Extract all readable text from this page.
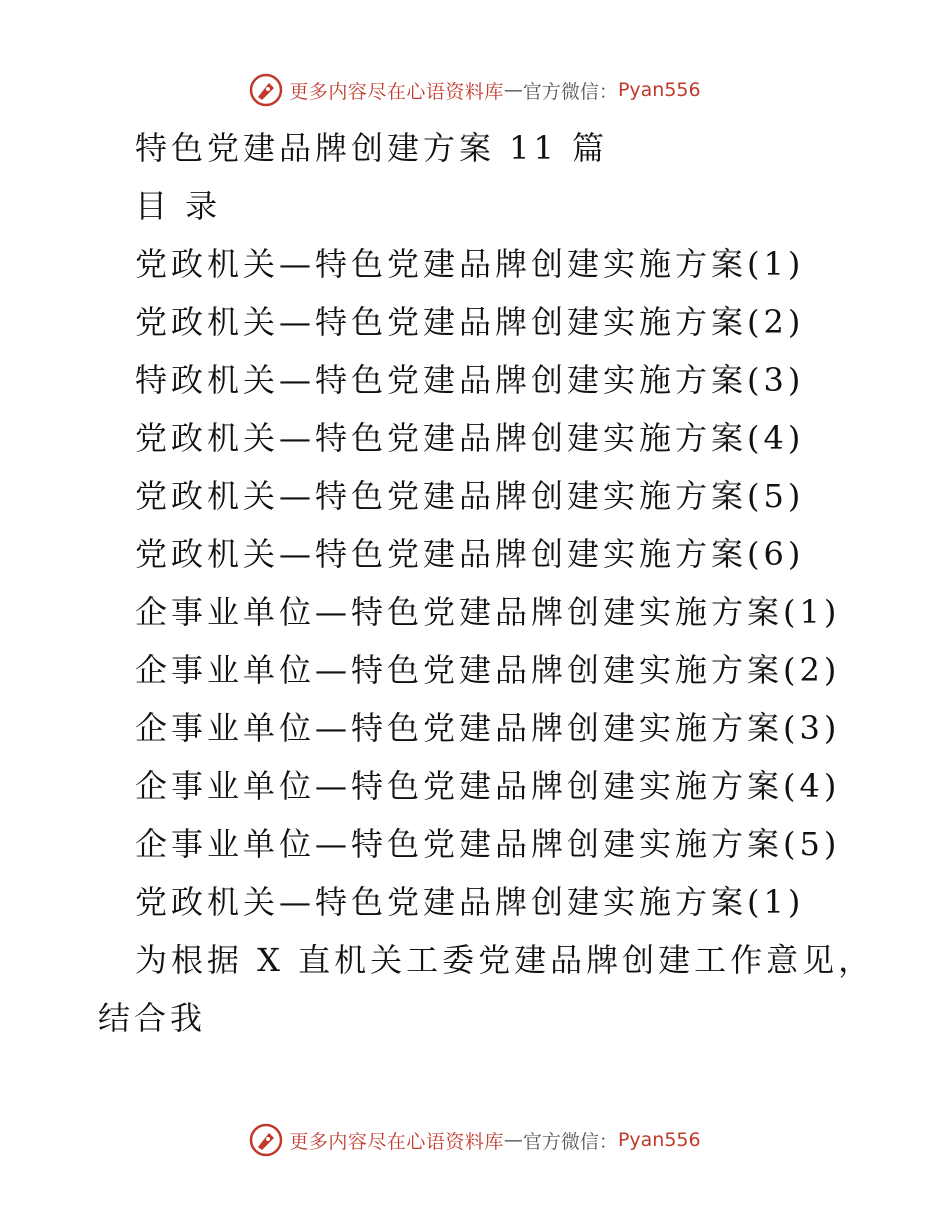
更多内容尽在心语资料库 — 官方微信： Pyan556
特色党建品牌创建方案 11 篇
目 录
党政机关—特色党建品牌创建实施方案(1)
党政机关—特色党建品牌创建实施方案(2)
特政机关—特色党建品牌创建实施方案(3)
党政机关—特色党建品牌创建实施方案(4)
党政机关—特色党建品牌创建实施方案(5)
党政机关—特色党建品牌创建实施方案(6)
企事业单位—特色党建品牌创建实施方案(1)
企事业单位—特色党建品牌创建实施方案(2)
企事业单位—特色党建品牌创建实施方案(3)
企事业单位—特色党建品牌创建实施方案(4)
企事业单位—特色党建品牌创建实施方案(5)
党政机关—特色党建品牌创建实施方案(1)
为根据 X 直机关工委党建品牌创建工作意见，
结合我
更多内容尽在心语资料库 — 官方微信： Pyan556
